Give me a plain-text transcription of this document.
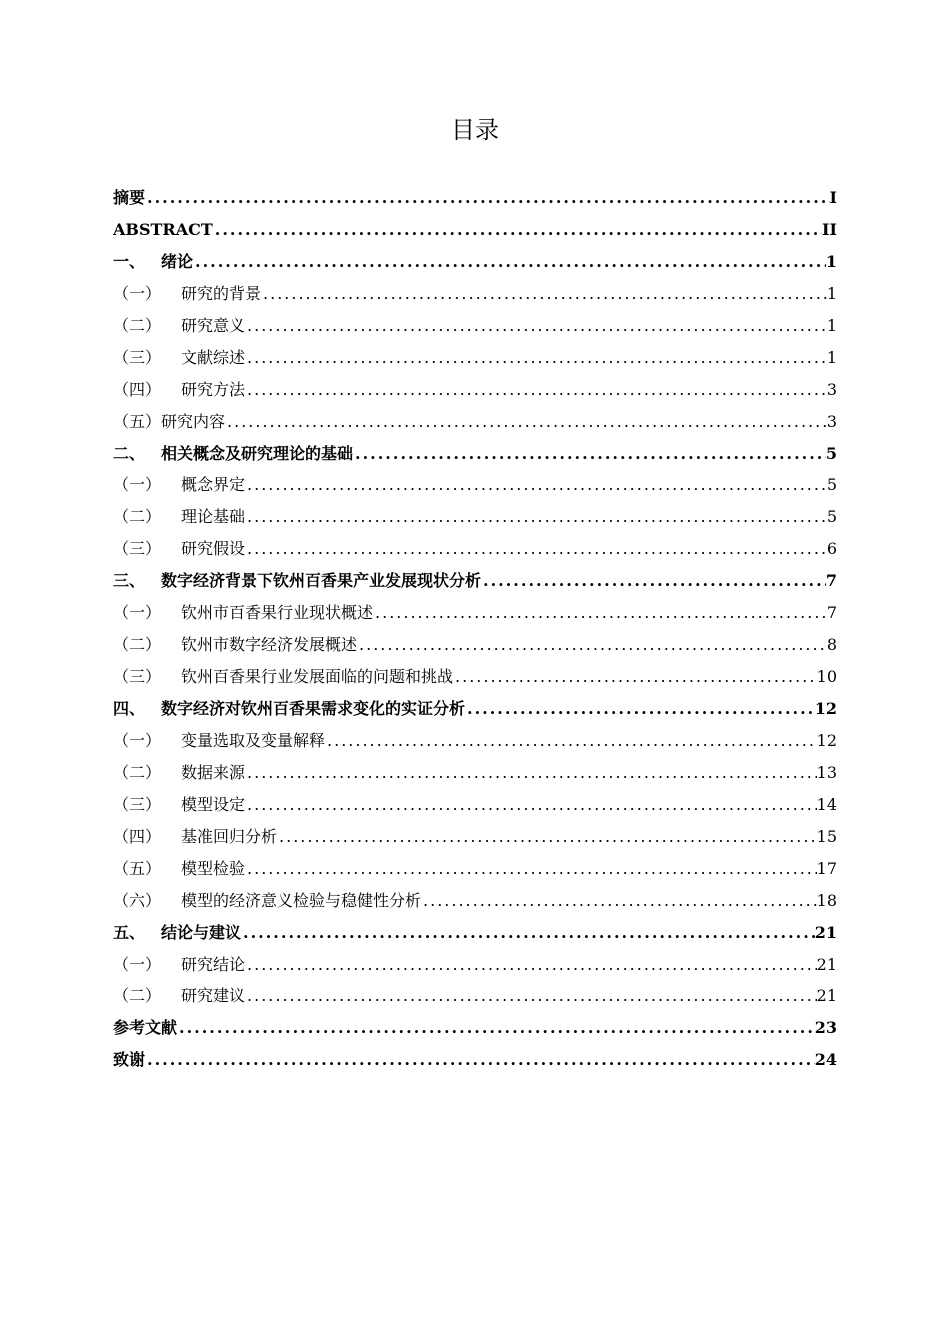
目录
摘要 .....	I
ABSTRACT .....	II
一、 绪论 .....	1
（一） 研究的背景 .....	1
（二） 研究意义 .....	1
（三） 文献综述 .....	1
（四） 研究方法 .....	3
（五）研究内容 .....	3
二、 相关概念及研究理论的基础 .....	5
（一） 概念界定 .....	5
（二） 理论基础 .....	5
（三） 研究假设 .....	6
三、 数字经济背景下钦州百香果产业发展现状分析 .....	7
（一） 钦州市百香果行业现状概述 .....	7
（二） 钦州市数字经济发展概述 .....	8
（三） 钦州百香果行业发展面临的问题和挑战 .....	10
四、 数字经济对钦州百香果需求变化的实证分析 .....	12
（一） 变量选取及变量解释 .....	12
（二） 数据来源 .....	13
（三） 模型设定 .....	14
（四） 基准回归分析 .....	15
（五） 模型检验 .....	17
（六） 模型的经济意义检验与稳健性分析 .....	18
五、 结论与建议 .....	21
（一） 研究结论 .....	21
（二） 研究建议 .....	21
参考文献 .....	23
致谢 .....	24
